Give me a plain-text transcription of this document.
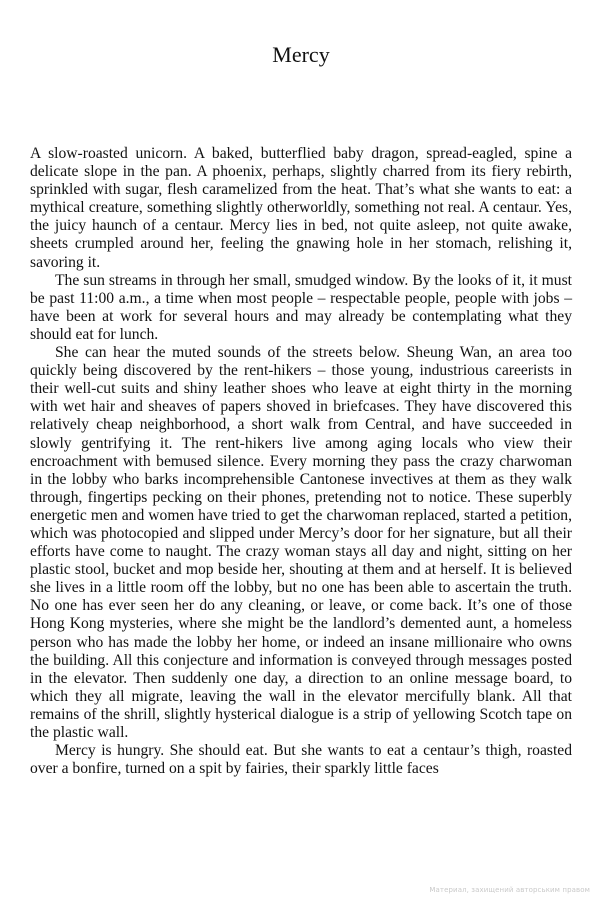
Mercy

A slow-roasted unicorn. A baked, butterflied baby dragon, spread-eagled, spine a delicate slope in the pan. A phoenix, perhaps, slightly charred from its fiery rebirth, sprinkled with sugar, flesh caramelized from the heat. That’s what she wants to eat: a mythical creature, something slightly otherworldly, something not real. A centaur. Yes, the juicy haunch of a centaur. Mercy lies in bed, not quite asleep, not quite awake, sheets crumpled around her, feeling the gnawing hole in her stomach, relishing it, savoring it.

The sun streams in through her small, smudged window. By the looks of it, it must be past 11:00 a.m., a time when most people – respectable people, people with jobs – have been at work for several hours and may already be contemplating what they should eat for lunch.

She can hear the muted sounds of the streets below. Sheung Wan, an area too quickly being discovered by the rent-hikers – those young, industrious careerists in their well-cut suits and shiny leather shoes who leave at eight thirty in the morning with wet hair and sheaves of papers shoved in briefcases. They have discovered this relatively cheap neighborhood, a short walk from Central, and have succeeded in slowly gentrifying it. The rent-hikers live among aging locals who view their encroachment with bemused silence. Every morning they pass the crazy charwoman in the lobby who barks incomprehensible Cantonese invectives at them as they walk through, fingertips pecking on their phones, pretending not to notice. These superbly energetic men and women have tried to get the charwoman replaced, started a petition, which was photocopied and slipped under Mercy’s door for her signature, but all their efforts have come to naught. The crazy woman stays all day and night, sitting on her plastic stool, bucket and mop beside her, shouting at them and at herself. It is believed she lives in a little room off the lobby, but no one has been able to ascertain the truth. No one has ever seen her do any cleaning, or leave, or come back. It’s one of those Hong Kong mysteries, where she might be the landlord’s demented aunt, a homeless person who has made the lobby her home, or indeed an insane millionaire who owns the building. All this conjecture and information is conveyed through messages posted in the elevator. Then suddenly one day, a direction to an online message board, to which they all migrate, leaving the wall in the elevator mercifully blank. All that remains of the shrill, slightly hysterical dialogue is a strip of yellowing Scotch tape on the plastic wall.

Mercy is hungry. She should eat. But she wants to eat a centaur’s thigh, roasted over a bonfire, turned on a spit by fairies, their sparkly little faces

Материал, захищений авторським правом
